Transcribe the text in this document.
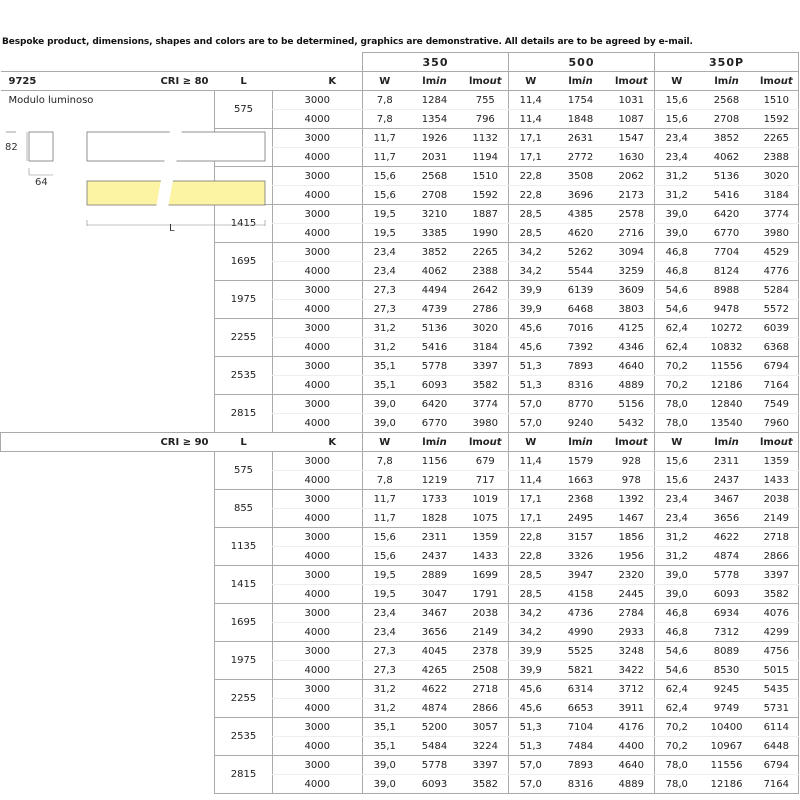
Bespoke product, dimensions, shapes and colors are to be determined, graphics are demonstrative. All details are to be agreed by e-mail.
				350			500			350P		

9725 CRI ≥ 80	L		K	W	lmin	lmout	W	lmin	lmout	W	lmin	lmout

Modulo luminoso	575		3000	7,8	1284	755	11,4	1754	1031	15,6	2568	1510
			4000	7,8	1354	796	11,4	1848	1087	15,6	2708	1592
			3000	11,7	1926	1132	17,1	2631	1547	23,4	3852	2265
			4000	11,7	2031	1194	17,1	2772	1630	23,4	4062	2388
			3000	15,6	2568	1510	22,8	3508	2062	31,2	5136	3020
			4000	15,6	2708	1592	22,8	3696	2173	31,2	5416	3184
	1415		3000	19,5	3210	1887	28,5	4385	2578	39,0	6420	3774
			4000	19,5	3385	1990	28,5	4620	2716	39,0	6770	3980
	1695		3000	23,4	3852	2265	34,2	5262	3094	46,8	7704	4529
			4000	23,4	4062	2388	34,2	5544	3259	46,8	8124	4776
	1975		3000	27,3	4494	2642	39,9	6139	3609	54,6	8988	5284
			4000	27,3	4739	2786	39,9	6468	3803	54,6	9478	5572
	2255		3000	31,2	5136	3020	45,6	7016	4125	62,4	10272	6039
			4000	31,2	5416	3184	45,6	7392	4346	62,4	10832	6368
	2535		3000	35,1	5778	3397	51,3	7893	4640	70,2	11556	6794
			4000	35,1	6093	3582	51,3	8316	4889	70,2	12186	7164
	2815		3000	39,0	6420	3774	57,0	8770	5156	78,0	12840	7549
			4000	39,0	6770	3980	57,0	9240	5432	78,0	13540	7960
CRI ≥ 90	L		K	W	lmin	lmout	W	lmin	lmout	W	lmin	lmout
	575		3000	7,8	1156	679	11,4	1579	928	15,6	2311	1359
			4000	7,8	1219	717	11,4	1663	978	15,6	2437	1433
	855		3000	11,7	1733	1019	17,1	2368	1392	23,4	3467	2038
			4000	11,7	1828	1075	17,1	2495	1467	23,4	3656	2149
	1135		3000	15,6	2311	1359	22,8	3157	1856	31,2	4622	2718
			4000	15,6	2437	1433	22,8	3326	1956	31,2	4874	2866
	1415		3000	19,5	2889	1699	28,5	3947	2320	39,0	5778	3397
			4000	19,5	3047	1791	28,5	4158	2445	39,0	6093	3582
	1695		3000	23,4	3467	2038	34,2	4736	2784	46,8	6934	4076
			4000	23,4	3656	2149	34,2	4990	2933	46,8	7312	4299
	1975		3000	27,3	4045	2378	39,9	5525	3248	54,6	8089	4756
			4000	27,3	4265	2508	39,9	5821	3422	54,6	8530	5015
	2255		3000	31,2	4622	2718	45,6	6314	3712	62,4	9245	5435
			4000	31,2	4874	2866	45,6	6653	3911	62,4	9749	5731
	2535		3000	35,1	5200	3057	51,3	7104	4176	70,2	10400	6114
			4000	35,1	5484	3224	51,3	7484	4400	70,2	10967	6448
	2815		3000	39,0	5778	3397	57,0	7893	4640	78,0	11556	6794
			4000	39,0	6093	3582	57,0	8316	4889	78,0	12186	7164
82
64
L
